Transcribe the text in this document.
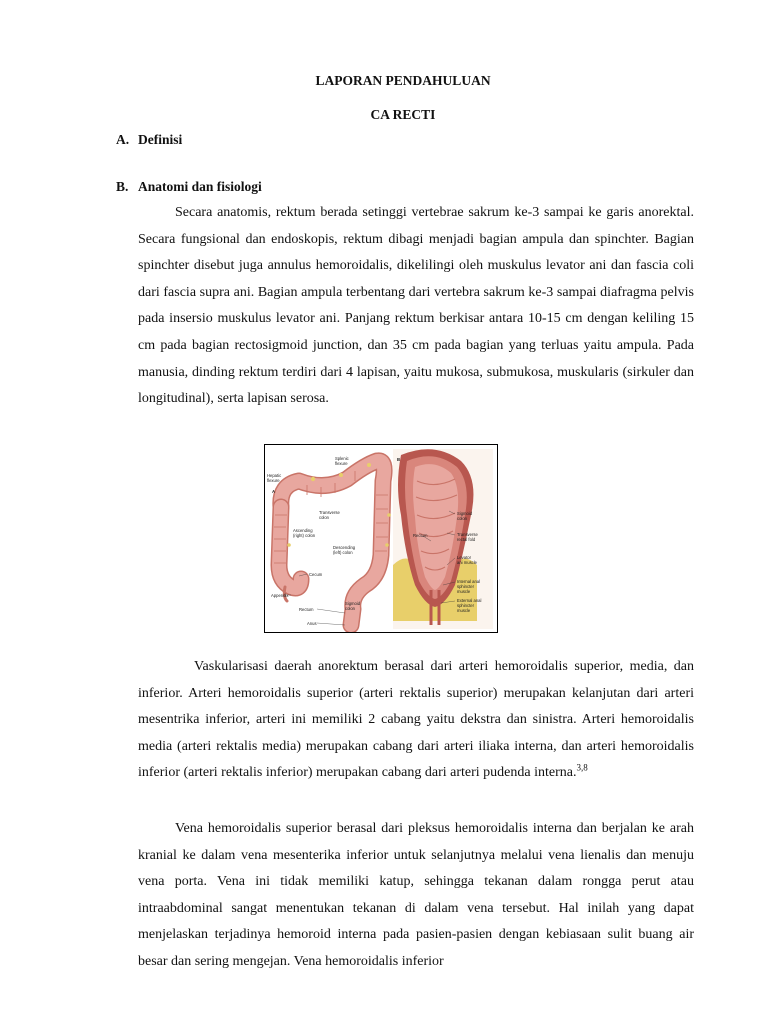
LAPORAN PENDAHULUAN
CA RECTI
A. Definisi
B. Anatomi dan fisiologi

Secara anatomis, rektum berada setinggi vertebrae sakrum ke-3 sampai ke garis anorektal. Secara fungsional dan endoskopis, rektum dibagi menjadi bagian ampula dan spinchter. Bagian spinchter disebut juga annulus hemoroidalis, dikelilingi oleh muskulus levator ani dan fascia coli dari fascia supra ani. Bagian ampula terbentang dari vertebra sakrum ke-3 sampai diafragma pelvis pada insersio muskulus levator ani. Panjang rektum berkisar antara 10-15 cm dengan keliling 15 cm pada bagian rectosigmoid junction, dan 35 cm pada bagian yang terluas yaitu ampula. Pada manusia, dinding rektum terdiri dari 4 lapisan, yaitu mukosa, submukosa, muskularis (sirkuler dan longitudinal), serta lapisan serosa.

A
Splenic
flexure
Hepatic
flexure
Transverse
colon
Ascending
(right) colon
Descending
(left) colon
Cecum
Appendix
Rectum
Sigmoid
colon
Anus
B
Sigmoid
colon
Rectum	Transverse
rectal fold
Levator
ani muscle
Internal anal
sphincter
muscle
External anal
sphincter
muscle

Vaskularisasi daerah anorektum berasal dari arteri hemoroidalis superior, media, dan inferior. Arteri hemoroidalis superior (arteri rektalis superior) merupakan kelanjutan dari arteri mesentrika inferior, arteri ini memiliki 2 cabang yaitu dekstra dan sinistra. Arteri hemoroidalis media (arteri rektalis media) merupakan cabang dari arteri iliaka interna, dan arteri hemoroidalis inferior (arteri rektalis inferior) merupakan cabang dari arteri pudenda interna.$^{3,8}$

Vena hemoroidalis superior berasal dari pleksus hemoroidalis interna dan berjalan ke arah kranial ke dalam vena mesenterika inferior untuk selanjutnya melalui vena lienalis dan menuju vena porta. Vena ini tidak memiliki katup, sehingga tekanan dalam rongga perut atau intraabdominal sangat menentukan tekanan di dalam vena tersebut. Hal inilah yang dapat menjelaskan terjadinya hemoroid interna pada pasien-pasien dengan kebiasaan sulit buang air besar dan sering mengejan. Vena hemoroidalis inferior
